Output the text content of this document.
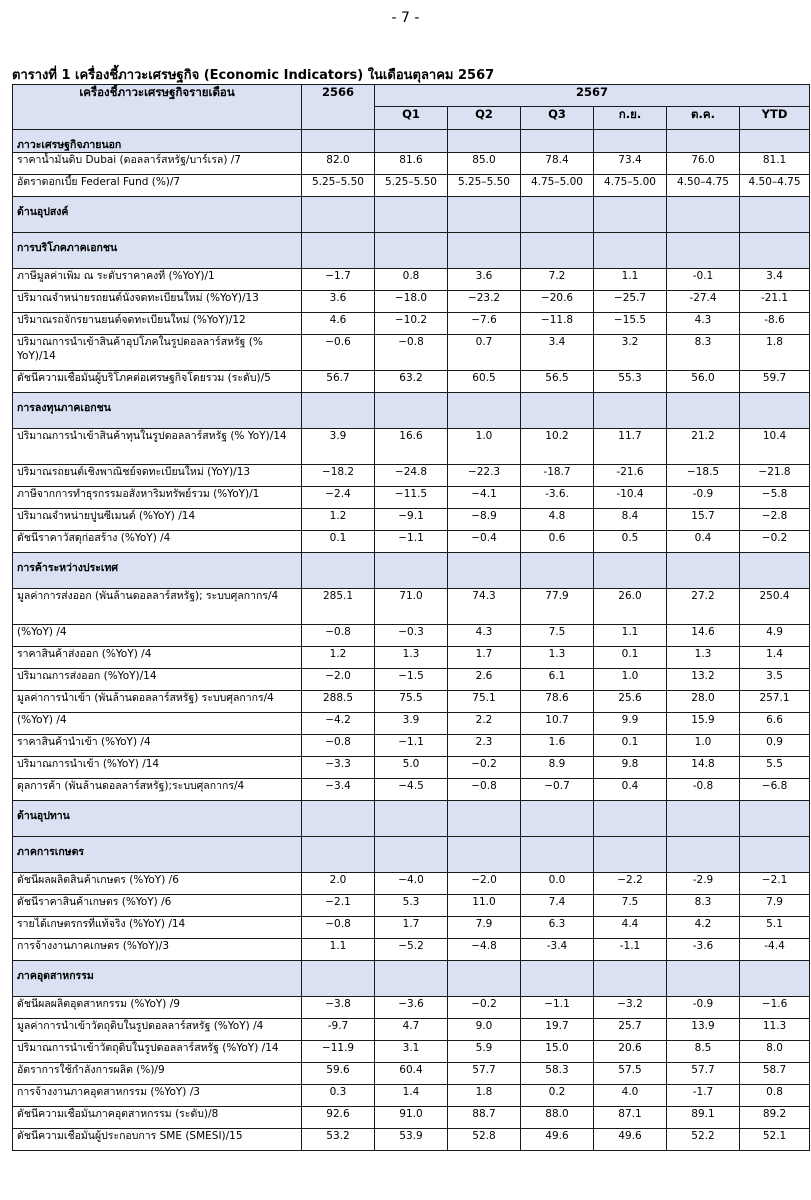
- 7 -
ตารางที่ 1 เครื่องชี้ภาวะเศรษฐกิจ (Economic Indicators) ในเดือนตุลาคม 2567
เครื่องชี้ภาวะเศรษฐกิจรายเดือน	2566	2567					
		Q1	Q2	Q3	ก.ย.	ต.ค.	YTD
ภาวะเศรษฐกิจภายนอก							
ราคาน้ำมันดิบ Dubai (ดอลลาร์สหรัฐ/บาร์เรล) /7	82.0	81.6	85.0	78.4	73.4	76.0	81.1
อัตราดอกเบี้ย Federal Fund (%)/7	5.25–5.50	5.25–5.50	5.25–5.50	4.75–5.00	4.75–5.00	4.50–4.75	4.50–4.75
ด้านอุปสงค์							
การบริโภคภาคเอกชน							
ภาษีมูลค่าเพิ่ม ณ ระดับราคาคงที่ (%YoY)/1	−1.7	0.8	3.6	7.2	1.1	-0.1	3.4
ปริมาณจำหน่ายรถยนต์นั่งจดทะเบียนใหม่ (%YoY)/13	3.6	−18.0	−23.2	−20.6	−25.7	-27.4	-21.1
ปริมาณรถจักรยานยนต์จดทะเบียนใหม่ (%YoY)/12	4.6	−10.2	−7.6	−11.8	−15.5	4.3	-8.6
ปริมาณการนำเข้าสินค้าอุปโภคในรูปดอลลาร์สหรัฐ (% YoY)/14	−0.6	−0.8	0.7	3.4	3.2	8.3	1.8
ดัชนีความเชื่อมั่นผู้บริโภคต่อเศรษฐกิจโดยรวม (ระดับ)/5	56.7	63.2	60.5	56.5	55.3	56.0	59.7
การลงทุนภาคเอกชน							
ปริมาณการนำเข้าสินค้าทุนในรูปดอลลาร์สหรัฐ (% YoY)/14	3.9	16.6	1.0	10.2	11.7	21.2	10.4
ปริมาณรถยนต์เชิงพาณิชย์จดทะเบียนใหม่ (YoY)/13	−18.2	−24.8	−22.3	-18.7	-21.6	−18.5	−21.8
ภาษีจากการทำธุรกรรมอสังหาริมทรัพย์รวม (%YoY)/1	−2.4	−11.5	−4.1	-3.6.	-10.4	-0.9	−5.8
ปริมาณจำหน่ายปูนซีเมนต์ (%YoY) /14	1.2	−9.1	−8.9	4.8	8.4	15.7	−2.8
ดัชนีราคาวัสดุก่อสร้าง (%YoY) /4	0.1	−1.1	−0.4	0.6	0.5	0.4	−0.2
การค้าระหว่างประเทศ							
มูลค่าการส่งออก (พันล้านดอลลาร์สหรัฐ); ระบบศุลกากร/4	285.1	71.0	74.3	77.9	26.0	27.2	250.4
(%YoY) /4	−0.8	−0.3	4.3	7.5	1.1	14.6	4.9
ราคาสินค้าส่งออก (%YoY) /4	1.2	1.3	1.7	1.3	0.1	1.3	1.4
ปริมาณการส่งออก (%YoY)/14	−2.0	−1.5	2.6	6.1	1.0	13.2	3.5
มูลค่าการนำเข้า (พันล้านดอลลาร์สหรัฐ) ระบบศุลกากร/4	288.5	75.5	75.1	78.6	25.6	28.0	257.1
(%YoY) /4	−4.2	3.9	2.2	10.7	9.9	15.9	6.6
ราคาสินค้านำเข้า (%YoY) /4	−0.8	−1.1	2.3	1.6	0.1	1.0	0.9
ปริมาณการนำเข้า (%YoY) /14	−3.3	5.0	−0.2	8.9	9.8	14.8	5.5
ดุลการค้า (พันล้านดอลลาร์สหรัฐ);ระบบศุลกากร/4	−3.4	−4.5	−0.8	−0.7	0.4	-0.8	−6.8
ด้านอุปทาน							
ภาคการเกษตร							
ดัชนีผลผลิตสินค้าเกษตร (%YoY) /6	2.0	−4.0	−2.0	0.0	−2.2	-2.9	−2.1
ดัชนีราคาสินค้าเกษตร (%YoY) /6	−2.1	5.3	11.0	7.4	7.5	8.3	7.9
รายได้เกษตรกรที่แท้จริง (%YoY) /14	−0.8	1.7	7.9	6.3	4.4	4.2	5.1
การจ้างงานภาคเกษตร (%YoY)/3	1.1	−5.2	−4.8	-3.4	-1.1	-3.6	-4.4
ภาคอุตสาหกรรม							
ดัชนีผลผลิตอุตสาหกรรม (%YoY) /9	−3.8	−3.6	−0.2	−1.1	−3.2	-0.9	−1.6
มูลค่าการนำเข้าวัตถุดิบในรูปดอลลาร์สหรัฐ (%YoY) /4	-9.7	4.7	9.0	19.7	25.7	13.9	11.3
ปริมาณการนำเข้าวัตถุดิบในรูปดอลลาร์สหรัฐ (%YoY) /14	−11.9	3.1	5.9	15.0	20.6	8.5	8.0
อัตราการใช้กำลังการผลิต (%)/9	59.6	60.4	57.7	58.3	57.5	57.7	58.7
การจ้างงานภาคอุตสาหกรรม (%YoY) /3	0.3	1.4	1.8	0.2	4.0	-1.7	0.8
ดัชนีความเชื่อมั่นภาคอุตสาหกรรม (ระดับ)/8	92.6	91.0	88.7	88.0	87.1	89.1	89.2
ดัชนีความเชื่อมั่นผู้ประกอบการ SME (SMESI)/15	53.2	53.9	52.8	49.6	49.6	52.2	52.1
